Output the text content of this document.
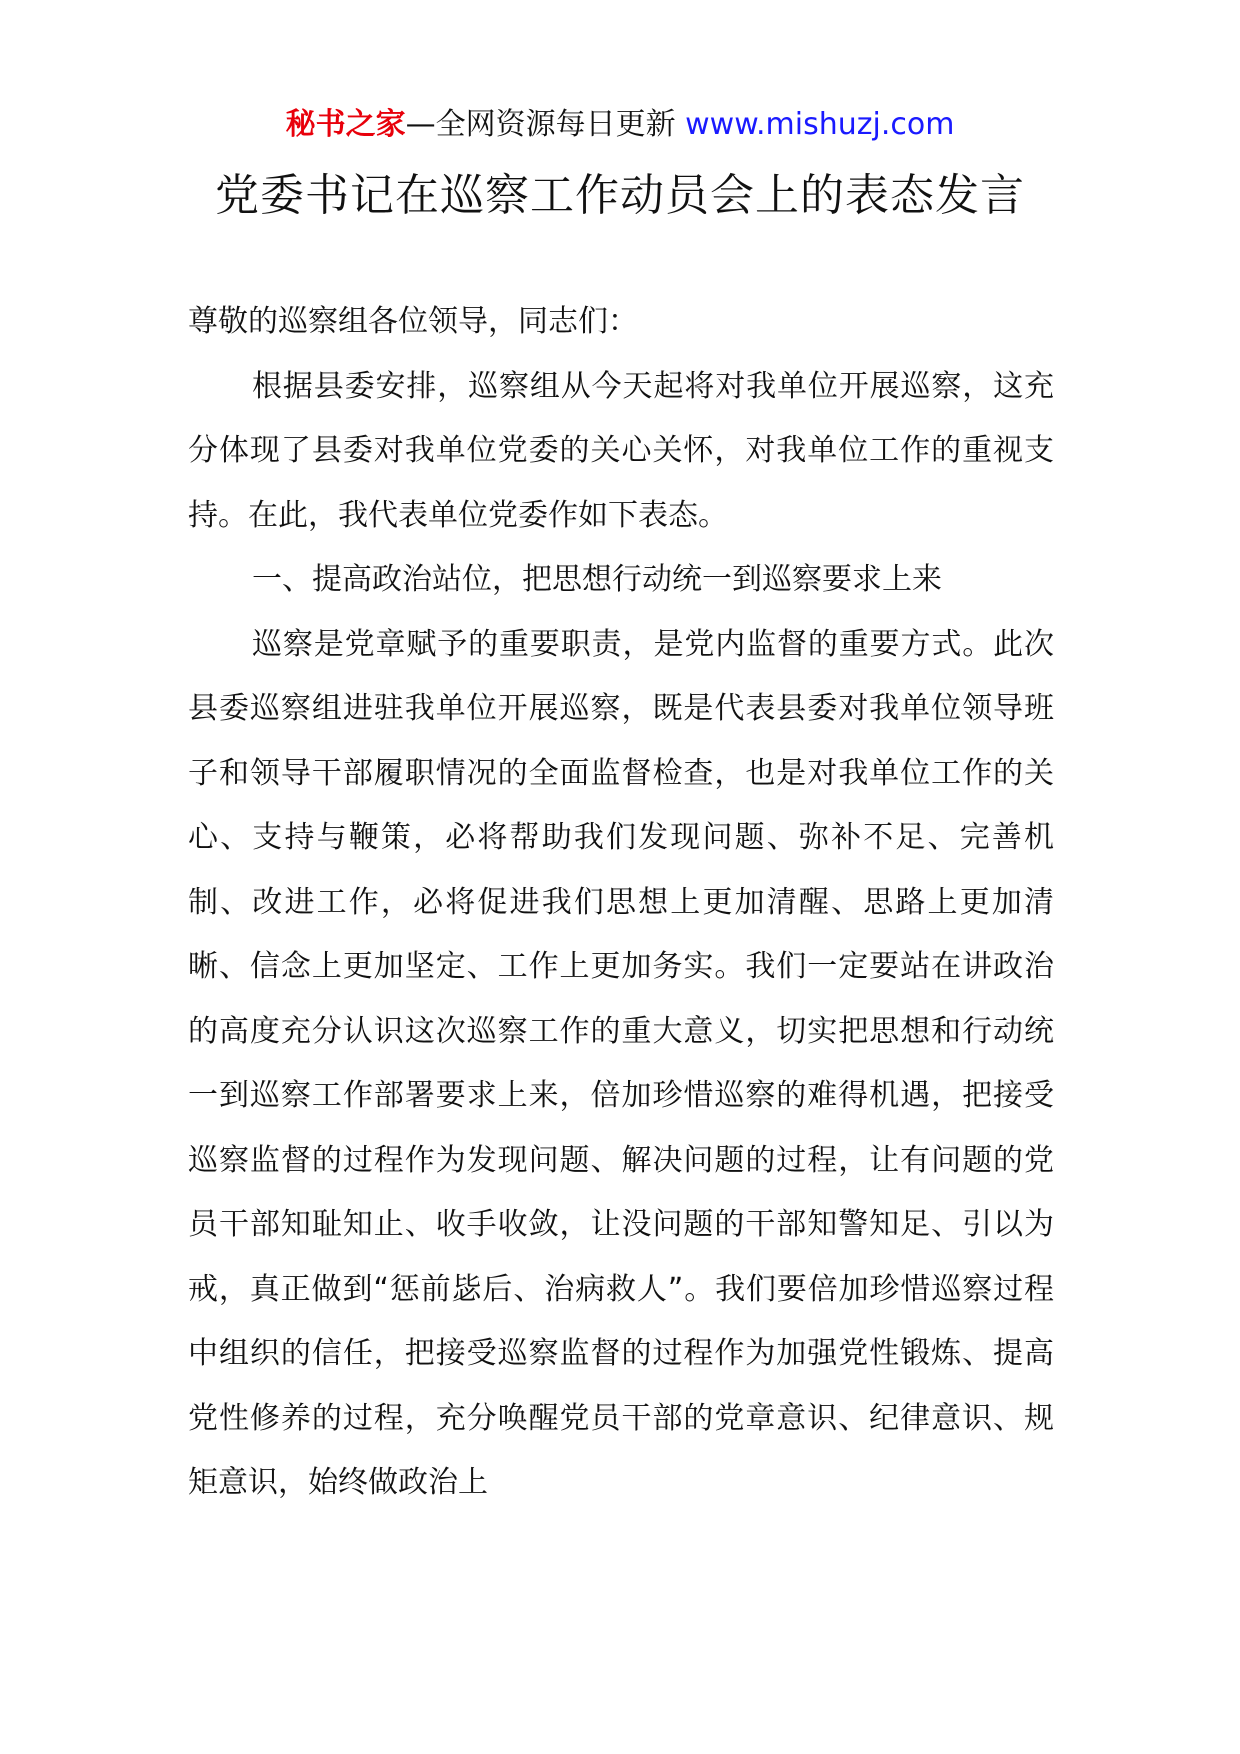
秘书之家—全网资源每日更新 www.mishuzj.com
党委书记在巡察工作动员会上的表态发言

尊敬的巡察组各位领导，同志们：

根据县委安排，巡察组从今天起将对我单位开展巡察，这充分体现了县委对我单位党委的关心关怀，对我单位工作的重视支持。在此，我代表单位党委作如下表态。

一、提高政治站位，把思想行动统一到巡察要求上来

巡察是党章赋予的重要职责，是党内监督的重要方式。此次县委巡察组进驻我单位开展巡察，既是代表县委对我单位领导班子和领导干部履职情况的全面监督检查，也是对我单位工作的关心、支持与鞭策，必将帮助我们发现问题、弥补不足、完善机制、改进工作，必将促进我们思想上更加清醒、思路上更加清晰、信念上更加坚定、工作上更加务实。我们一定要站在讲政治的高度充分认识这次巡察工作的重大意义，切实把思想和行动统一到巡察工作部署要求上来，倍加珍惜巡察的难得机遇，把接受巡察监督的过程作为发现问题、解决问题的过程，让有问题的党员干部知耻知止、收手收敛，让没问题的干部知警知足、引以为戒，真正做到“惩前毖后、治病救人”。我们要倍加珍惜巡察过程中组织的信任，把接受巡察监督的过程作为加强党性锻炼、提高党性修养的过程，充分唤醒党员干部的党章意识、纪律意识、规矩意识，始终做政治上
